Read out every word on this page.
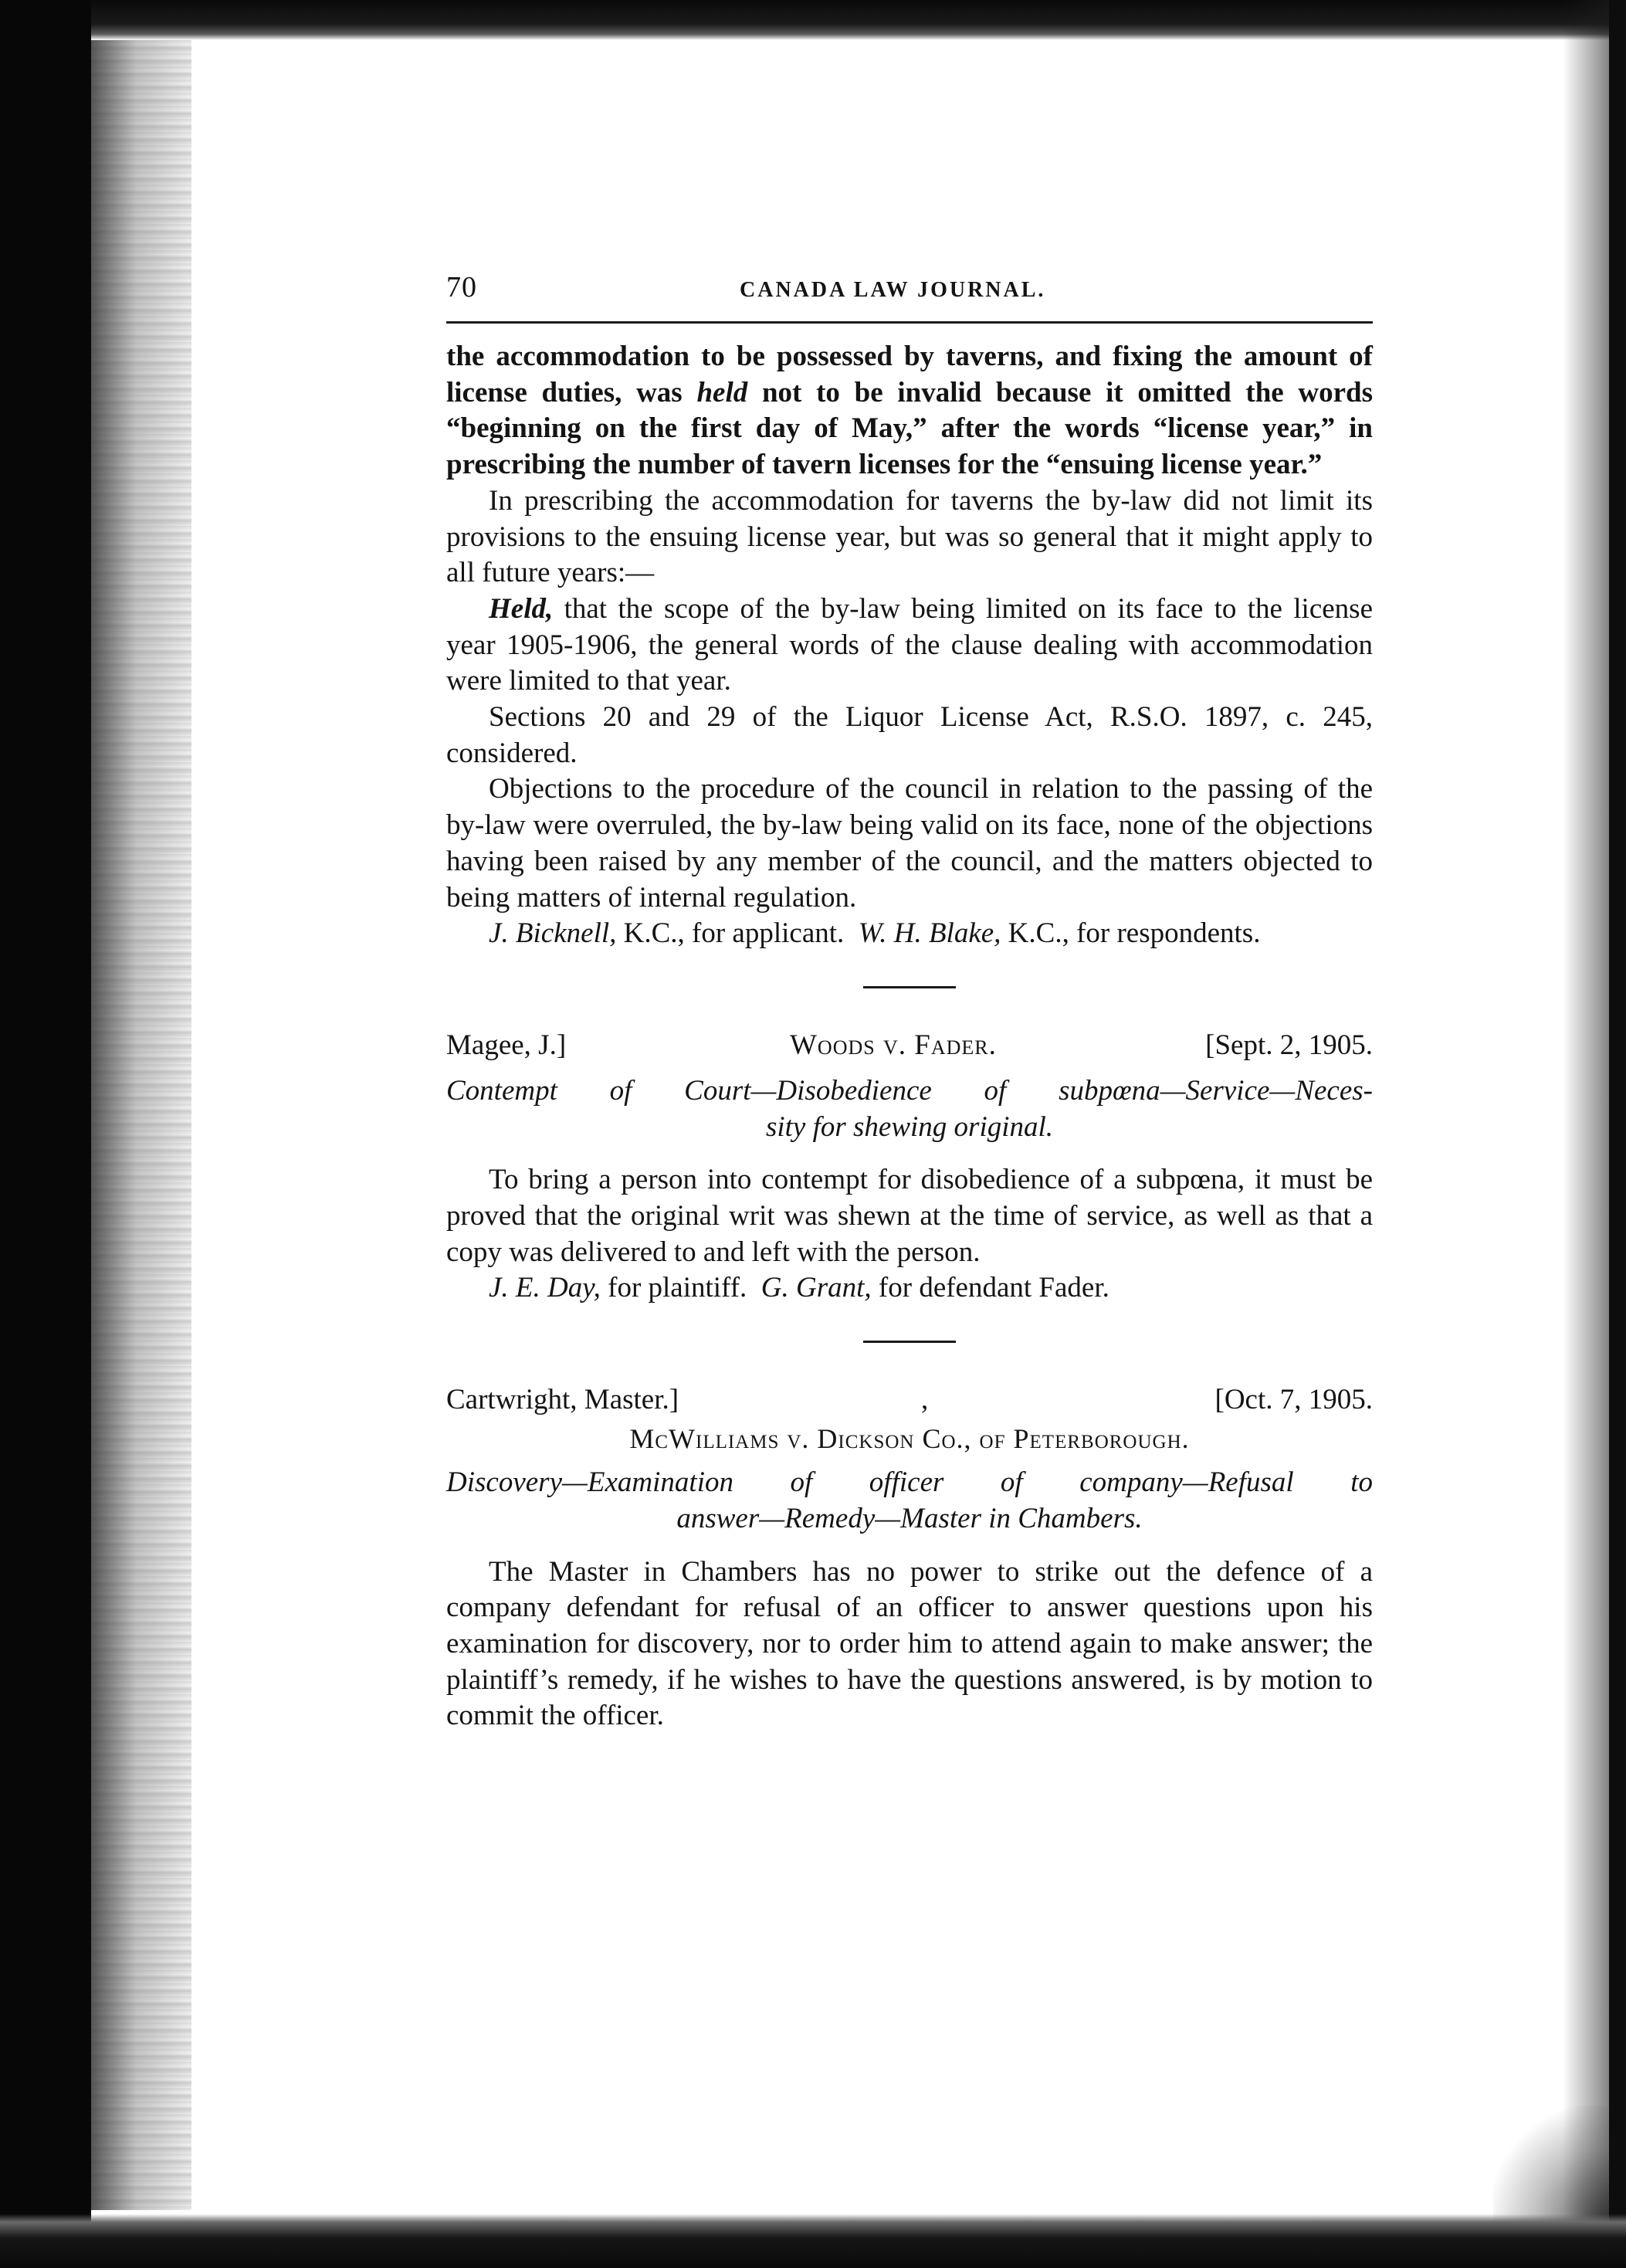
70	CANADA LAW JOURNAL.

the accommodation to be possessed by taverns, and fixing the amount of license duties, was held not to be invalid because it omitted the words “beginning on the first day of May,” after the words “license year,” in prescribing the number of tavern licenses for the “ensuing license year.”

In prescribing the accommodation for taverns the by-law did not limit its provisions to the ensuing license year, but was so general that it might apply to all future years:—

Held, that the scope of the by-law being limited on its face to the license year 1905-1906, the general words of the clause dealing with accommodation were limited to that year.

Sections 20 and 29 of the Liquor License Act, R.S.O. 1897, c. 245, considered.

Objections to the procedure of the council in relation to the passing of the by-law were overruled, the by-law being valid on its face, none of the objections having been raised by any member of the council, and the matters objected to being matters of internal regulation.

J. Bicknell, K.C., for applicant. W. H. Blake, K.C., for respondents.

Magee, J.]	Woods v. Fader.	[Sept. 2, 1905.
Contempt of Court—Disobedience of subpœna—Service—Neces-
sity for shewing original.

To bring a person into contempt for disobedience of a subpœna, it must be proved that the original writ was shewn at the time of service, as well as that a copy was delivered to and left with the person.

J. E. Day, for plaintiff. G. Grant, for defendant Fader.

Cartwright, Master.]	,	[Oct. 7, 1905.
McWilliams v. Dickson Co., of Peterborough.
Discovery—Examination of officer of company—Refusal to
answer—Remedy—Master in Chambers.

The Master in Chambers has no power to strike out the defence of a company defendant for refusal of an officer to answer questions upon his examination for discovery, nor to order him to attend again to make answer; the plaintiff’s remedy, if he wishes to have the questions answered, is by motion to commit the officer.
